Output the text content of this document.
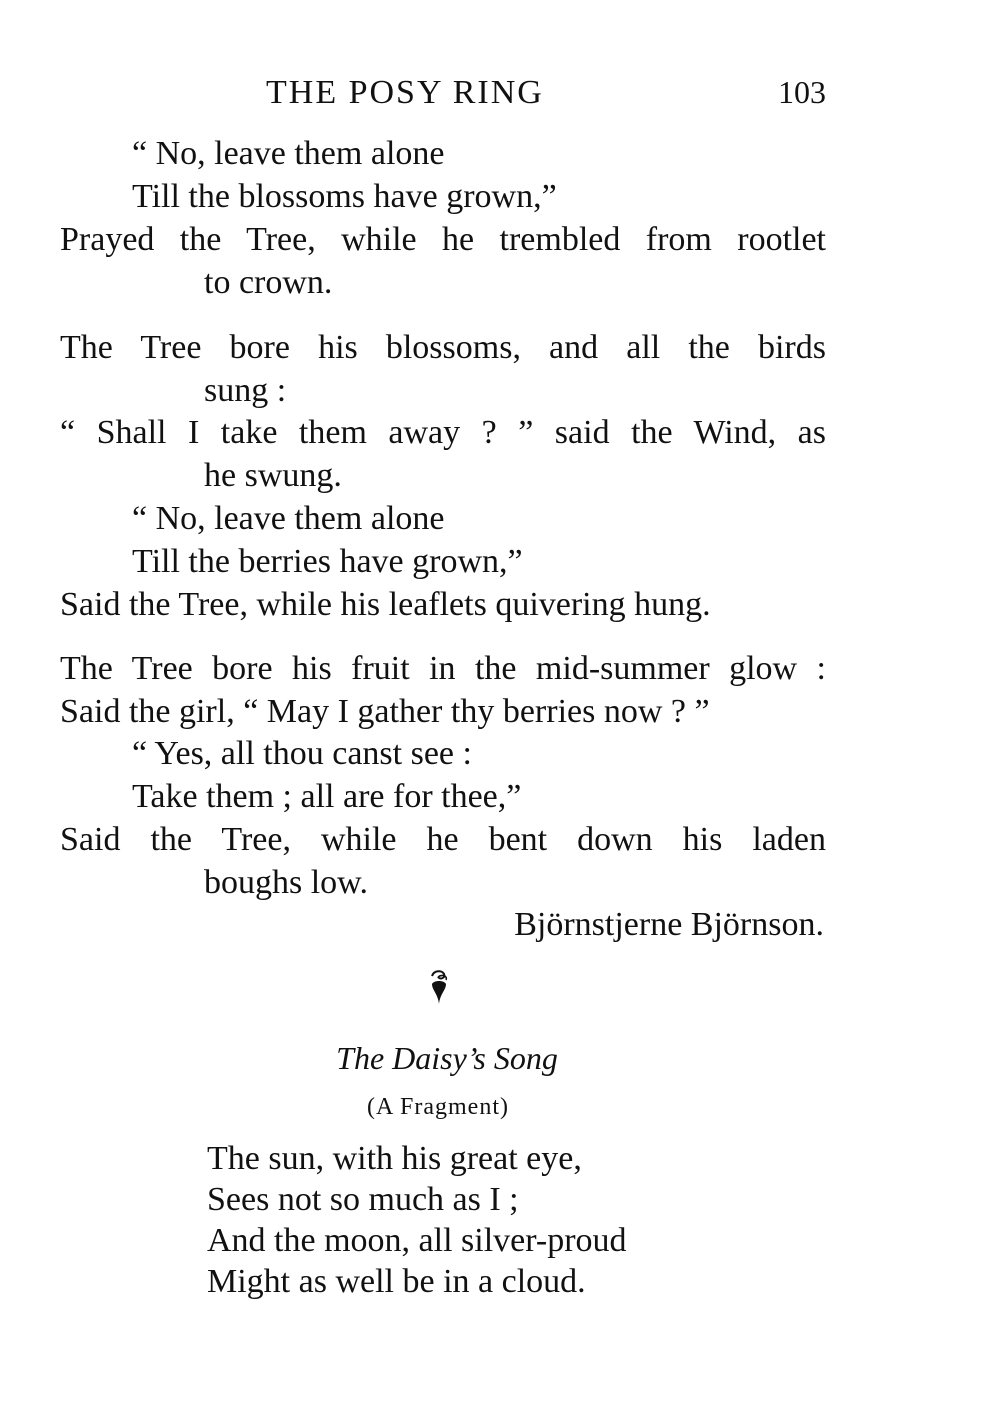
THE POSY RING	103
“ No, leave them alone
Till the blossoms have grown,”
Prayed the Tree, while he trembled from rootlet
to crown.
The Tree bore his blossoms, and all the birds
sung :
“ Shall I take them away ? ” said the Wind, as
he swung.
“ No, leave them alone
Till the berries have grown,”
Said the Tree, while his leaflets quivering hung.
The Tree bore his fruit in the mid-summer glow :
Said the girl, “ May I gather thy berries now ? ”
“ Yes, all thou canst see :
Take them ; all are for thee,”
Said the Tree, while he bent down his laden
boughs low.
Björnstjerne Björnson.
The Daisy’s Song
(A Fragment)
The sun, with his great eye,
Sees not so much as I ;
And the moon, all silver-proud
Might as well be in a cloud.
